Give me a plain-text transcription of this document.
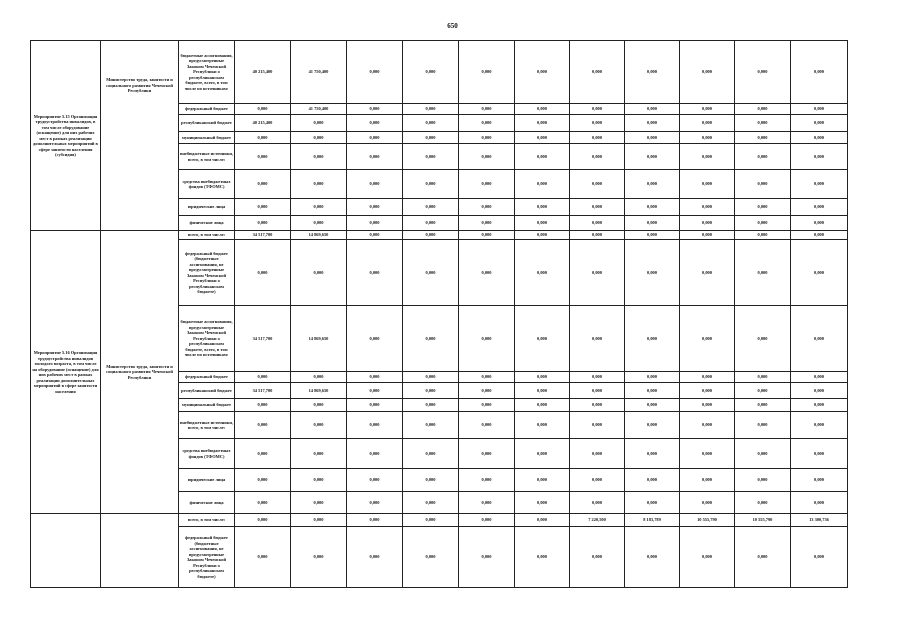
650
Мероприятие 5.15 Организация трудоустройства инвалидов, в том числе оборудование (оснащение) для них рабочих мест в рамках реализации дополнительных мероприятий в сфере занятости населения (субсидия)	Министерство труда, занятости и социального развития Чеченской Республики	бюджетные ассигнования, предусмотренные Законом Чеченской Республики о республиканском бюджете, всего, в том числе по источникам:	40 215,400	41 750,400	0,000	0,000	0,000	0,000	0,000	0,000	0,000	0,000	0,000
		федеральный бюджет	0,000	41 750,400	0,000	0,000	0,000	0,000	0,000	0,000	0,000	0,000	0,000
		республиканский бюджет	40 215,400	0,000	0,000	0,000	0,000	0,000	0,000	0,000	0,000	0,000	0,000
		муниципальный бюджет	0,000	0,000	0,000	0,000	0,000	0,000	0,000	0,000	0,000	0,000	0,000
		внебюджетные источники, всего, в том числе:	0,000	0,000	0,000	0,000	0,000	0,000	0,000	0,000	0,000	0,000	0,000
		средства внебюджетных фондов (ТФОМС)	0,000	0,000	0,000	0,000	0,000	0,000	0,000	0,000	0,000	0,000	0,000
		юридические лица	0,000	0,000	0,000	0,000	0,000	0,000	0,000	0,000	0,000	0,000	0,000
		физические лица	0,000	0,000	0,000	0,000	0,000	0,000	0,000	0,000	0,000	0,000	0,000
Мероприятие 5.16 Организация трудоустройства инвалидов молодого возраста, в том числе на оборудование (оснащение) для них рабочих мест в рамках реализации дополнительных мероприятий в сфере занятости населения	Министерство труда, занятости и социального развития Чеченской Республики	всего, в том числе:	34 517,700	14 869,650	0,000	0,000	0,000	0,000	0,000	0,000	0,000	0,000	0,000
		федеральный бюджет (бюджетные ассигнования, не предусмотренные Законом Чеченской Республики о республиканском бюджете)	0,000	0,000	0,000	0,000	0,000	0,000	0,000	0,000	0,000	0,000	0,000
		бюджетные ассигнования, предусмотренные Законом Чеченской Республики о республиканском бюджете, всего, в том числе по источникам:	34 517,700	14 869,650	0,000	0,000	0,000	0,000	0,000	0,000	0,000	0,000	0,000
		федеральный бюджет	0,000	0,000	0,000	0,000	0,000	0,000	0,000	0,000	0,000	0,000	0,000
		республиканский бюджет	34 517,700	14 869,650	0,000	0,000	0,000	0,000	0,000	0,000	0,000	0,000	0,000
		муниципальный бюджет	0,000	0,000	0,000	0,000	0,000	0,000	0,000	0,000	0,000	0,000	0,000
		внебюджетные источники, всего, в том числе:	0,000	0,000	0,000	0,000	0,000	0,000	0,000	0,000	0,000	0,000	0,000
		средства внебюджетных фондов (ТФОМС)	0,000	0,000	0,000	0,000	0,000	0,000	0,000	0,000	0,000	0,000	0,000
		юридические лица	0,000	0,000	0,000	0,000	0,000	0,000	0,000	0,000	0,000	0,000	0,000
		физические лица	0,000	0,000	0,000	0,000	0,000	0,000	0,000	0,000	0,000	0,000	0,000
		всего, в том числе:	0,000	0,000	0,000	0,000	0,000	0,000	7 220,500	8 183,789	10 555,790	10 555,790	13 300,736
		федеральный бюджет (бюджетные ассигнования, не предусмотренные Законом Чеченской Республики о республиканском бюджете)	0,000	0,000	0,000	0,000	0,000	0,000	0,000	0,000	0,000	0,000	0,000
